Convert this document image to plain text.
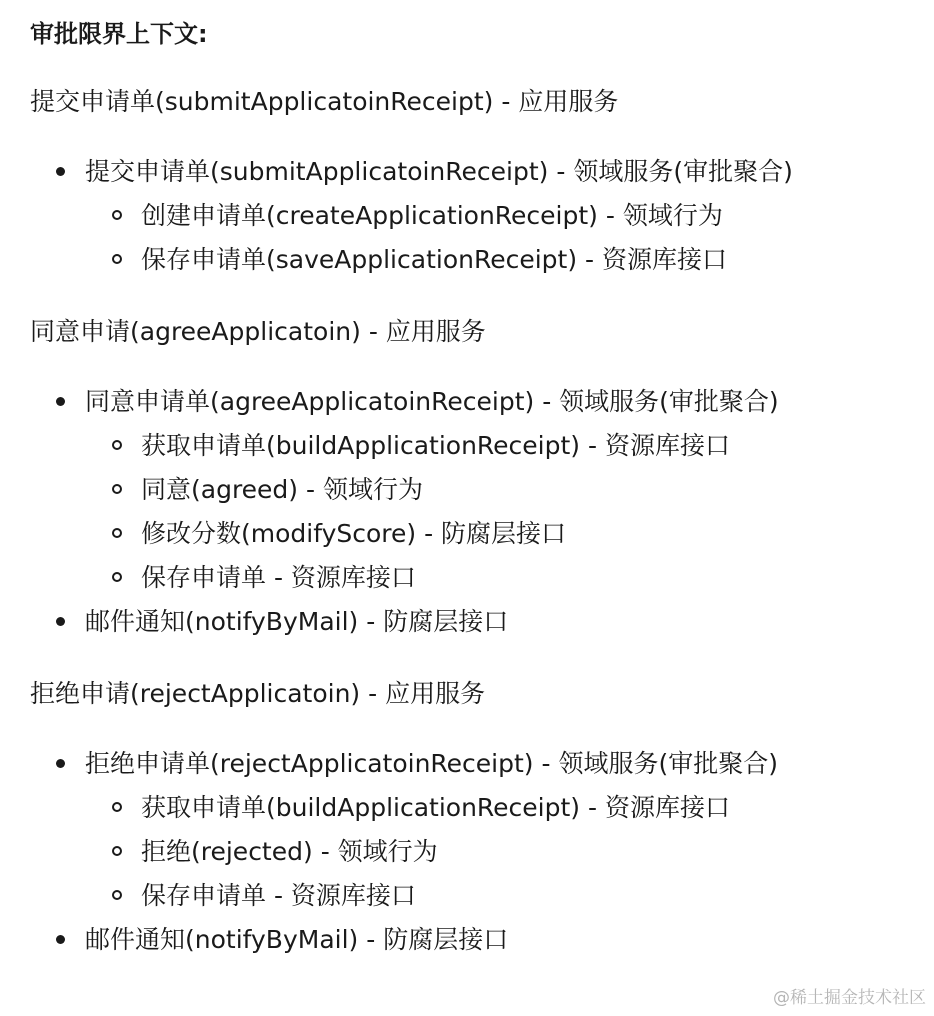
审批限界上下文:
提交申请单(submitApplicatoinReceipt) - 应用服务
提交申请单(submitApplicatoinReceipt) - 领域服务(审批聚合)
创建申请单(createApplicationReceipt) - 领域行为
保存申请单(saveApplicationReceipt) - 资源库接口
同意申请(agreeApplicatoin) - 应用服务
同意申请单(agreeApplicatoinReceipt) - 领域服务(审批聚合)
获取申请单(buildApplicationReceipt) - 资源库接口
同意(agreed) - 领域行为
修改分数(modifyScore) - 防腐层接口
保存申请单 - 资源库接口
邮件通知(notifyByMail) - 防腐层接口
拒绝申请(rejectApplicatoin) - 应用服务
拒绝申请单(rejectApplicatoinReceipt) - 领域服务(审批聚合)
获取申请单(buildApplicationReceipt) - 资源库接口
拒绝(rejected) - 领域行为
保存申请单 - 资源库接口
邮件通知(notifyByMail) - 防腐层接口
@稀土掘金技术社区
